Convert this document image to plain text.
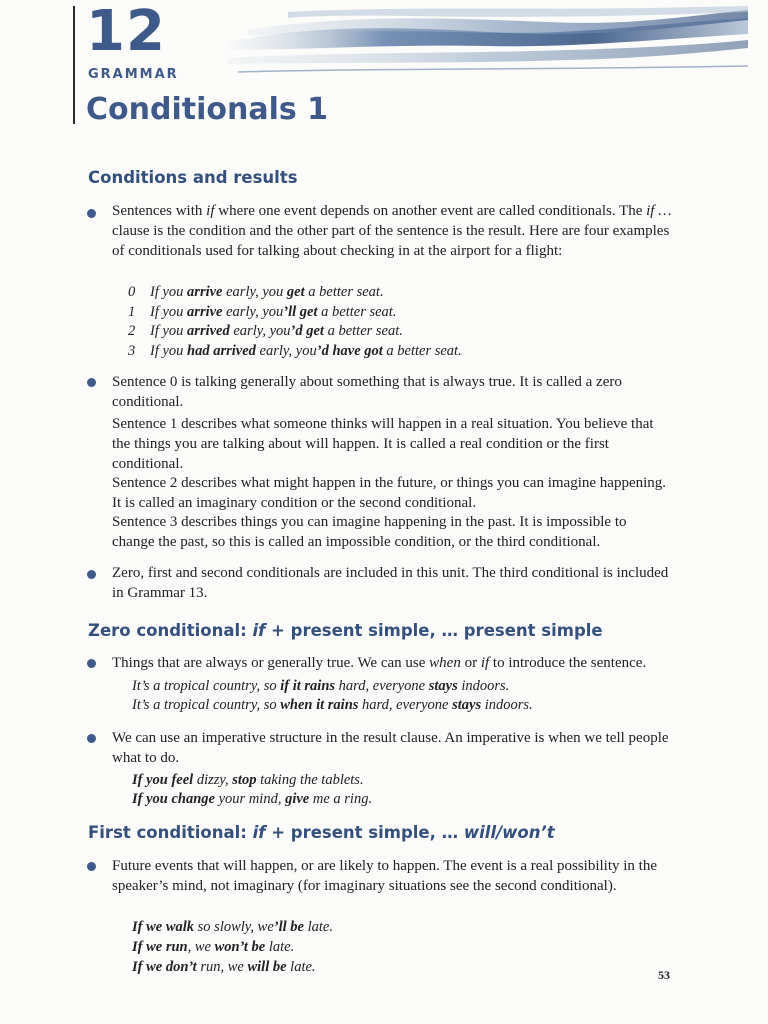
12
GRAMMAR
Conditionals 1
Conditions and results

Sentences with if where one event depends on another event are called conditionals. The if … clause is the condition and the other part of the sentence is the result. Here are four examples of conditionals used for talking about checking in at the airport for a flight:

0 If you arrive early, you get a better seat.

1 If you arrive early, you’ll get a better seat.

2 If you arrived early, you’d get a better seat.

3 If you had arrived early, you’d have got a better seat.

Sentence 0 is talking generally about something that is always true. It is called a zero conditional.

Sentence 1 describes what someone thinks will happen in a real situation. You believe that the things you are talking about will happen. It is called a real condition or the first conditional.

Sentence 2 describes what might happen in the future, or things you can imagine happening. It is called an imaginary condition or the second conditional.

Sentence 3 describes things you can imagine happening in the past. It is impossible to change the past, so this is called an impossible condition, or the third conditional.

Zero, first and second conditionals are included in this unit. The third conditional is included in Grammar 13.

Zero conditional: if + present simple, … present simple

Things that are always or generally true. We can use when or if to introduce the sentence.

It’s a tropical country, so if it rains hard, everyone stays indoors.

It’s a tropical country, so when it rains hard, everyone stays indoors.

We can use an imperative structure in the result clause. An imperative is when we tell people what to do.

If you feel dizzy, stop taking the tablets.

If you change your mind, give me a ring.

First conditional: if + present simple, … will/won’t

Future events that will happen, or are likely to happen. The event is a real possibility in the speaker’s mind, not imaginary (for imaginary situations see the second conditional).

If we walk so slowly, we’ll be late.

If we run, we won’t be late.

If we don’t run, we will be late.	53
